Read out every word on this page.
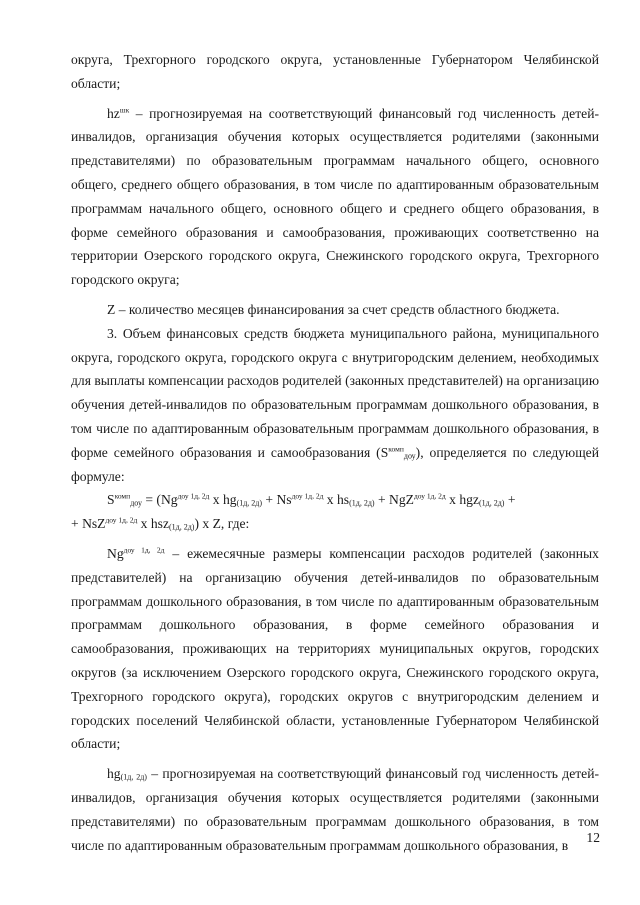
округа, Трехгорного городского округа, установленные Губернатором Челябинской области;

$hz^{шк}$ – прогнозируемая на соответствующий финансовый год численность детей-инвалидов, организация обучения которых осуществляется родителями (законными представителями) по образовательным программам начального общего, основного общего, среднего общего образования, в том числе по адаптированным образовательным программам начального общего, основного общего и среднего общего образования, в форме семейного образования и самообразования, проживающих соответственно на территории Озерского городского округа, Снежинского городского округа, Трехгорного городского округа;

Z – количество месяцев финансирования за счет средств областного бюджета.

3. Объем финансовых средств бюджета муниципального района, муниципального округа, городского округа, городского округа с внутригородским делением, необходимых для выплаты компенсации расходов родителей (законных представителей) на организацию обучения детей-инвалидов по образовательным программам дошкольного образования, в том числе по адаптированным образовательным программам дошкольного образования, в форме семейного образования и самообразования $(S^{комп}_{доу})$, определяется по следующей формуле:

$S^{комп}_{доу} = (Ng^{доу 1д, 2д}$ x $hg_{(1д, 2д)} + Ns^{доу 1д, 2д}$ x $hs_{(1д, 2д)} + NgZ^{доу 1д, 2д}$ x hgz$_{(1д, 2д)}$ +

+ NsZ$^{доу 1д, 2д}$ x hsz$_{(1д, 2д)}$) x Z, где:

$Ng^{доу 1д, 2д}$ – ежемесячные размеры компенсации расходов родителей (законных представителей) на организацию обучения детей-инвалидов по образовательным программам дошкольного образования, в том числе по адаптированным образовательным программам дошкольного образования, в форме семейного образования и самообразования, проживающих на территориях муниципальных округов, городских округов (за исключением Озерского городского округа, Снежинского городского округа, Трехгорного городского округа), городских округов с внутригородским делением и городских поселений Челябинской области, установленные Губернатором Челябинской области;

$hg_{(1д, 2д)}$ – прогнозируемая на соответствующий финансовый год численность детей-инвалидов, организация обучения которых осуществляется родителями (законными представителями) по образовательным программам дошкольного образования, в том числе по адаптированным образовательным программам дошкольного образования, в	12
